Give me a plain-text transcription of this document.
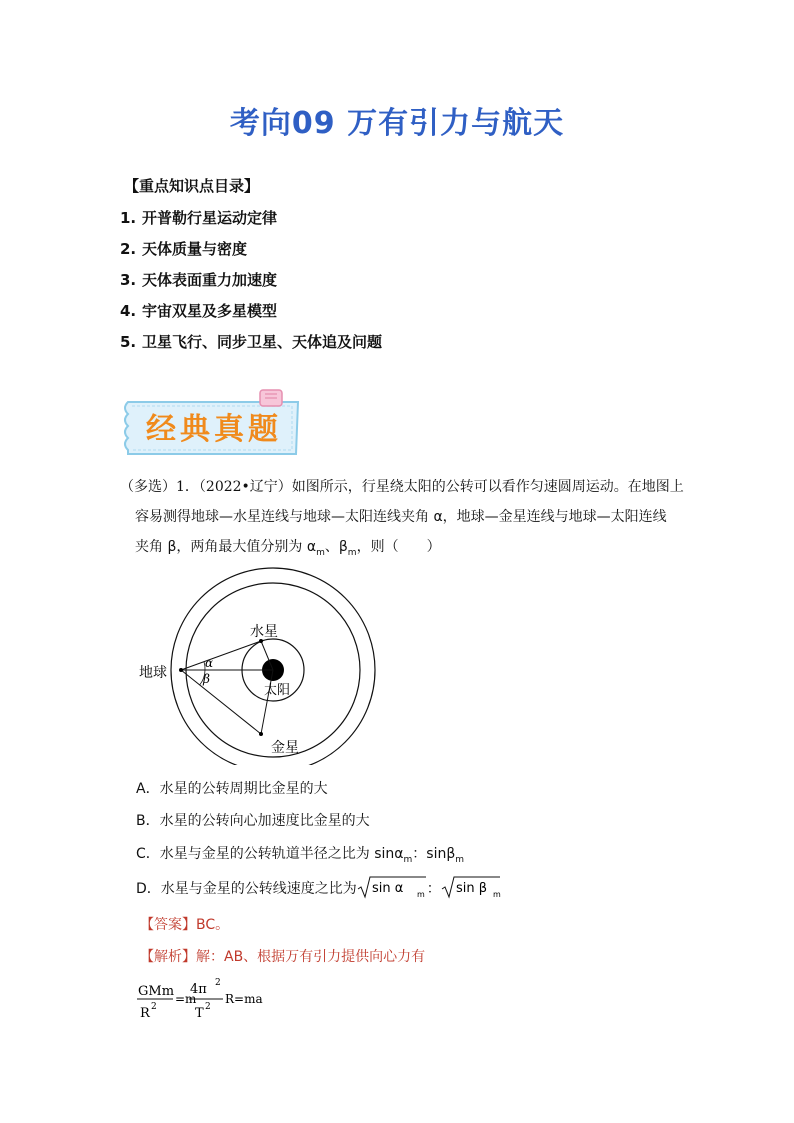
考向09 万有引力与航天
【重点知识点目录】
1. 开普勒行星运动定律
2. 天体质量与密度
3. 天体表面重力加速度
4. 宇宙双星及多星模型
5. 卫星飞行、同步卫星、天体追及问题
经典真题
（多选）1．（2022•辽宁）如图所示，行星绕太阳的公转可以看作匀速圆周运动。在地图上
容易测得地球—水星连线与地球—太阳连线夹角 α，地球—金星连线与地球—太阳连线
夹角 β，两角最大值分别为 $\alpha_m$、$\beta_m$，则（　　）
地球
水星
太阳
金星
α
β
A．水星的公转周期比金星的大
B．水星的公转向心加速度比金星的大
C．水星与金星的公转轨道半径之比为 sinα$_m$：sinβ$_m$
D．水星与金星的公转线速度之比为 sin α m ： sin β m
【答案】BC。
【解析】解：AB、根据万有引力提供向心力有
GMm
R 2
=m
4π 2
T 2
R=ma
